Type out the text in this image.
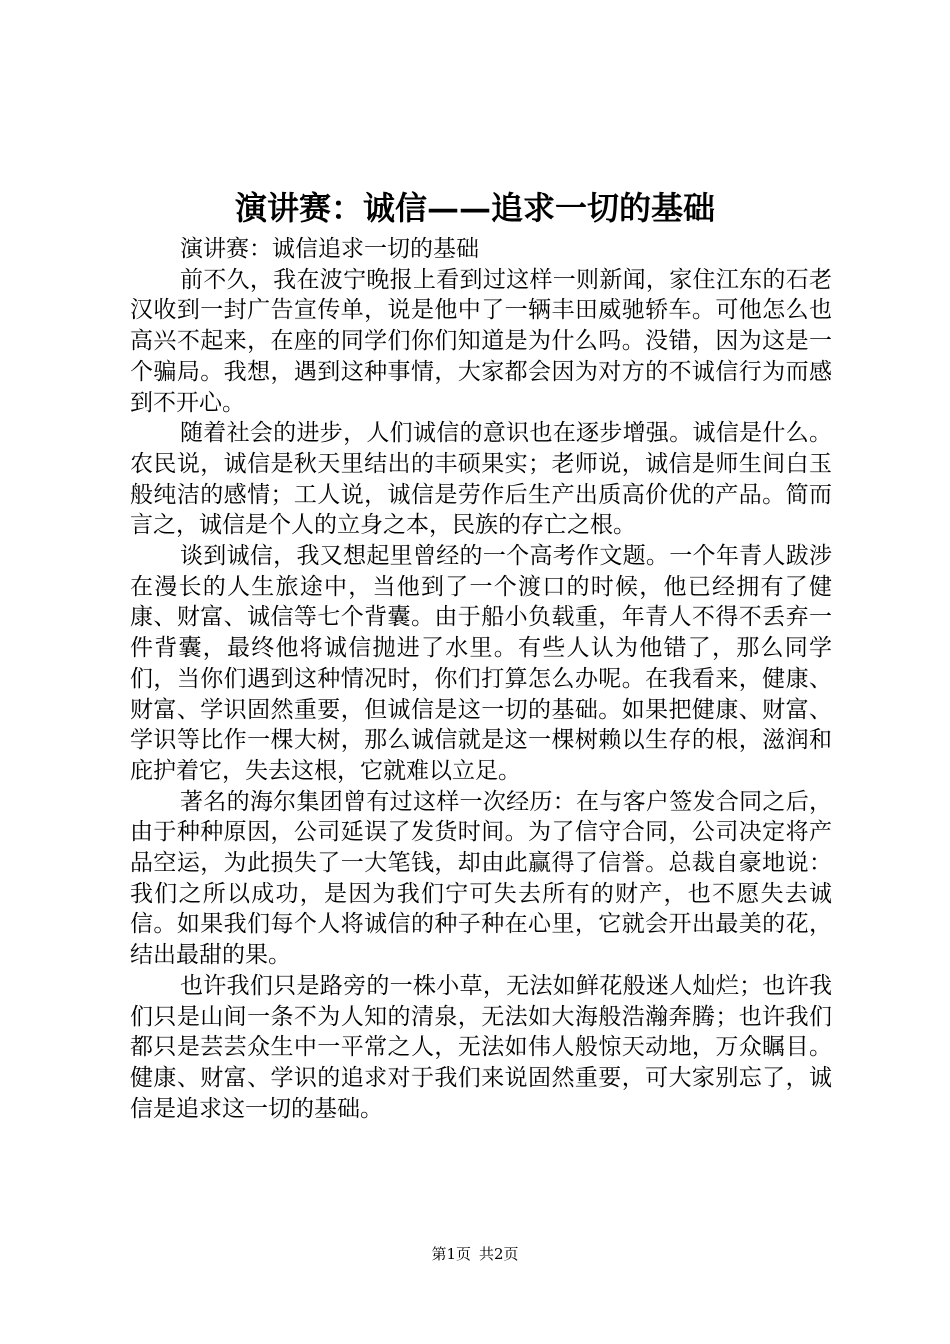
演讲赛：诚信——追求一切的基础

演讲赛：诚信追求一切的基础

前不久，我在波宁晚报上看到过这样一则新闻，家住江东的石老汉收到一封广告宣传单，说是他中了一辆丰田威驰轿车。可他怎么也高兴不起来，在座的同学们你们知道是为什么吗。没错，因为这是一个骗局。我想，遇到这种事情，大家都会因为对方的不诚信行为而感到不开心。

随着社会的进步，人们诚信的意识也在逐步增强。诚信是什么。农民说，诚信是秋天里结出的丰硕果实；老师说，诚信是师生间白玉般纯洁的感情；工人说，诚信是劳作后生产出质高价优的产品。简而言之，诚信是个人的立身之本，民族的存亡之根。

谈到诚信，我又想起里曾经的一个高考作文题。一个年青人跋涉在漫长的人生旅途中，当他到了一个渡口的时候，他已经拥有了健康、财富、诚信等七个背囊。由于船小负载重，年青人不得不丢弃一件背囊，最终他将诚信抛进了水里。有些人认为他错了，那么同学们，当你们遇到这种情况时，你们打算怎么办呢。在我看来，健康、财富、学识固然重要，但诚信是这一切的基础。如果把健康、财富、学识等比作一棵大树，那么诚信就是这一棵树赖以生存的根，滋润和庇护着它，失去这根，它就难以立足。

著名的海尔集团曾有过这样一次经历：在与客户签发合同之后，由于种种原因，公司延误了发货时间。为了信守合同，公司决定将产品空运，为此损失了一大笔钱，却由此赢得了信誉。总裁自豪地说：我们之所以成功，是因为我们宁可失去所有的财产，也不愿失去诚信。如果我们每个人将诚信的种子种在心里，它就会开出最美的花，结出最甜的果。

也许我们只是路旁的一株小草，无法如鲜花般迷人灿烂；也许我们只是山间一条不为人知的清泉，无法如大海般浩瀚奔腾；也许我们都只是芸芸众生中一平常之人，无法如伟人般惊天动地，万众瞩目。健康、财富、学识的追求对于我们来说固然重要，可大家别忘了，诚信是追求这一切的基础。

第1页 共2页
